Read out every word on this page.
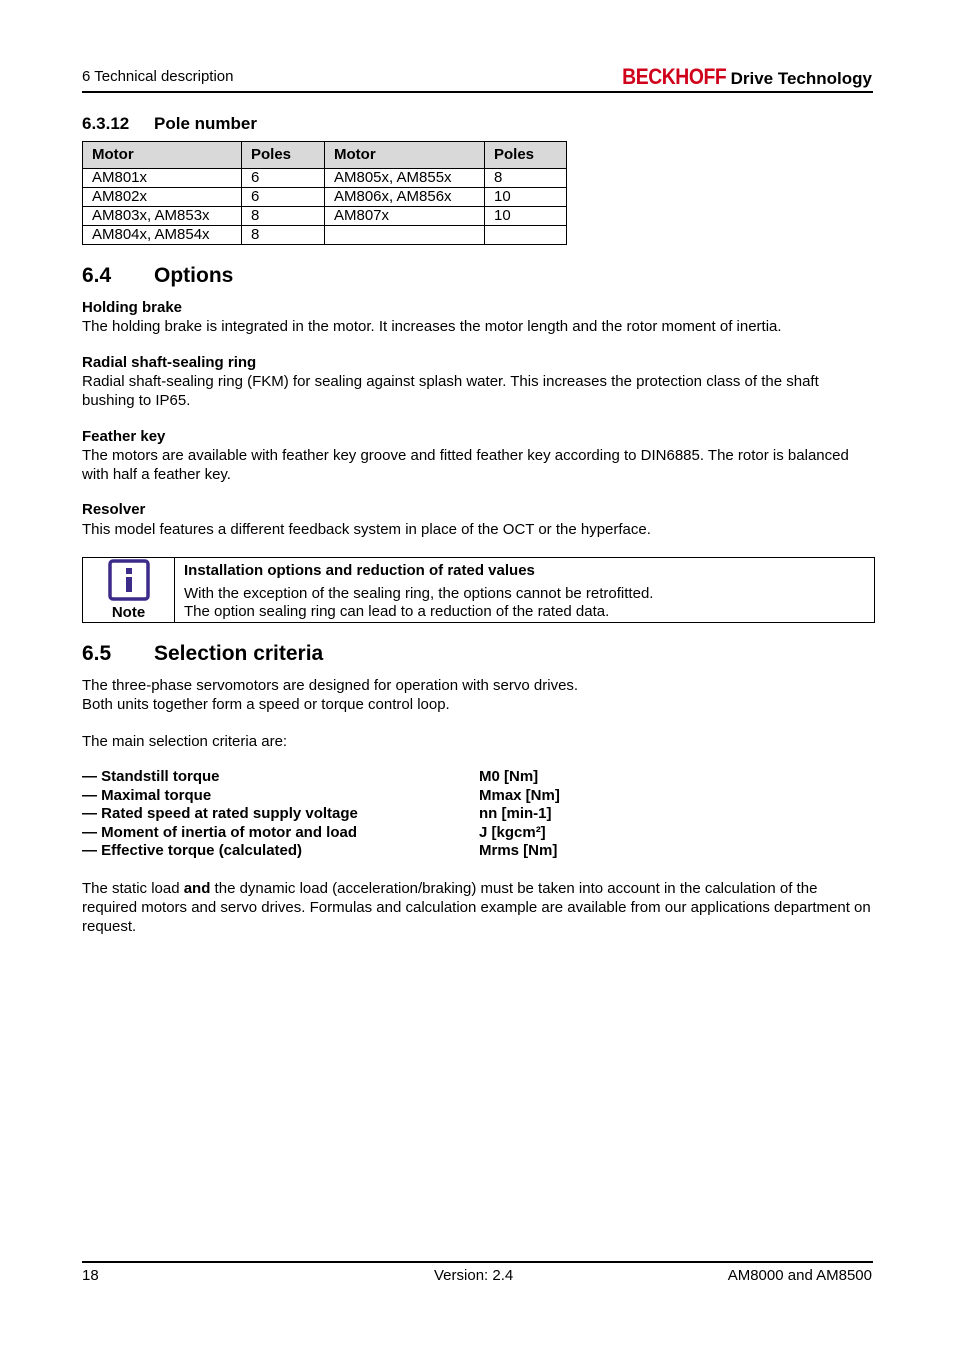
6 Technical description	BECKHOFF Drive Technology
6.3.12 Pole number
Motor	Poles	Motor	Poles
AM801x	6	AM805x, AM855x	8
AM802x	6	AM806x, AM856x	10
AM803x, AM853x	8	AM807x	10
AM804x, AM854x	8		
6.4 Options
Holding brake
The holding brake is integrated in the motor. It increases the motor length and the rotor moment of inertia.
Radial shaft-sealing ring
Radial shaft-sealing ring (FKM) for sealing against splash water. This increases the protection class of the shaft bushing to IP65.
Feather key
The motors are available with feather key groove and fitted feather key according to DIN6885. The rotor is balanced with half a feather key.
Resolver
This model features a different feedback system in place of the OCT or the hyperface.
Note
Installation options and reduction of rated values
With the exception of the sealing ring, the options cannot be retrofitted.
The option sealing ring can lead to a reduction of the rated data.
6.5 Selection criteria
The three-phase servomotors are designed for operation with servo drives.
Both units together form a speed or torque control loop.
The main selection criteria are:
— Standstill torque	M0 [Nm]
— Maximal torque	Mmax [Nm]
— Rated speed at rated supply voltage	nn [min-1]
— Moment of inertia of motor and load	J [kgcm²]
— Effective torque (calculated)	Mrms [Nm]
The static load and the dynamic load (acceleration/braking) must be taken into account in the calculation of the required motors and servo drives. Formulas and calculation example are available from our applications department on request.
18	Version: 2.4	AM8000 and AM8500
